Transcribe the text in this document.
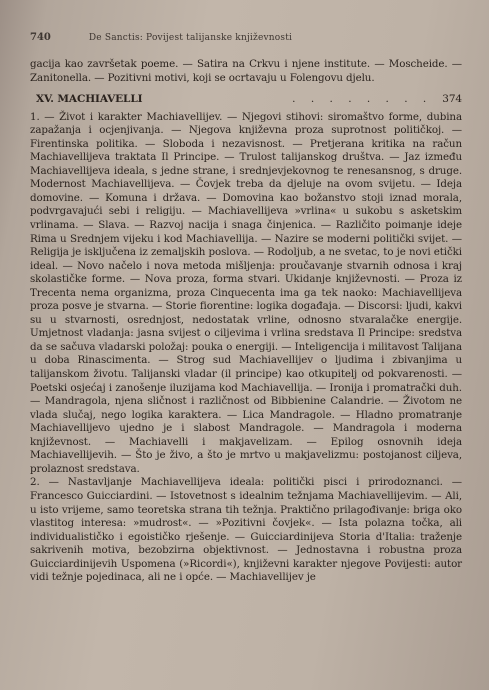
740	De Sanctis: Povijest talijanske književnosti

gacija kao završetak poeme. — Satira na Crkvu i njene institute. — Moscheide. — Zanitonella. — Pozitivni motivi, koji se ocrtavaju u Folengovu djelu.

XV. MACHIAVELLI	. . . . . . . . 374

1. — Život i karakter Machiavellijev. — Njegovi stihovi: siromaštvo forme, dubina zapažanja i ocjenjivanja. — Njegova književna proza suprotnost političkoj. — Firentinska politika. — Sloboda i nezavisnost. — Pretjerana kritika na račun Machiavellijeva traktata Il Principe. — Trulost talijanskog društva. — Jaz između Machiavellijeva ideala, s jedne strane, i srednjevjekovnog te renesansnog, s druge. Modernost Machiavellijeva. — Čovjek treba da djeluje na ovom svijetu. — Ideja domovine. — Komuna i država. — Domovina kao božanstvo stoji iznad morala, podvrgavajući sebi i religiju. — Machiavellijeva »vrlina« u sukobu s asketskim vrlinama. — Slava. — Razvoj nacija i snaga činjenica. — Različito poimanje ideje Rima u Srednjem vijeku i kod Machiavellija. — Nazire se moderni politički svijet. — Religija je isključena iz zemaljskih poslova. — Rodoljub, a ne svetac, to je novi etički ideal. — Novo načelo i nova metoda mišljenja: proučavanje stvarnih odnosa i kraj skolastičke forme. — Nova proza, forma stvari. Ukidanje književnosti. — Proza iz Trecenta nema organizma, proza Cinquecenta ima ga tek naoko: Machiavellijeva proza posve je stvarna. — Storie fiorentine: logika događaja. — Discorsi: ljudi, kakvi su u stvarnosti, osrednjost, nedostatak vrline, odnosno stvaralačke energije. Umjetnost vladanja: jasna svijest o ciljevima i vrlina sredstava Il Principe: sredstva da se sačuva vladarski položaj: pouka o energiji. — Inteligencija i militavost Talijana u doba Rinascimenta. — Strog sud Machiavellijev o ljudima i zbivanjima u talijanskom životu. Talijanski vladar (il principe) kao otkupitelj od pokvarenosti. — Poetski osjećaj i zanošenje iluzijama kod Machiavellija. — Ironija i promatrački duh. — Mandragola, njena sličnost i različnost od Bibbienine Calandrie. — Životom ne vlada slučaj, nego logika karaktera. — Lica Mandragole. — Hladno promatranje Machiavellijevo ujedno je i slabost Mandragole. — Mandragola i moderna književnost. — Machiavelli i makjavelizam. — Epilog osnovnih ideja Machiavellijevih. — Što je živo, a što je mrtvo u makjavelizmu: postojanost ciljeva, prolaznost sredstava.

2. — Nastavljanje Machiavellijeva ideala: politički pisci i prirodoznanci. — Francesco Guicciardini. — Istovetnost s idealnim težnjama Machiavellijevim. — Ali, u isto vrijeme, samo teoretska strana tih težnja. Praktično prilagođivanje: briga oko vlastitog interesa: »mudrost«. — »Pozitivni čovjek«. — Ista polazna točka, ali individualističko i egoističko rješenje. — Guicciardinijeva Storia d'Italia: traženje sakrivenih motiva, bezobzirna objektivnost. — Jednostavna i robustna proza Guicciardinijevih Uspomena (»Ricordi«), književni karakter njegove Povijesti: autor vidi težnje pojedinaca, ali ne i opće. — Machiavellijev je
